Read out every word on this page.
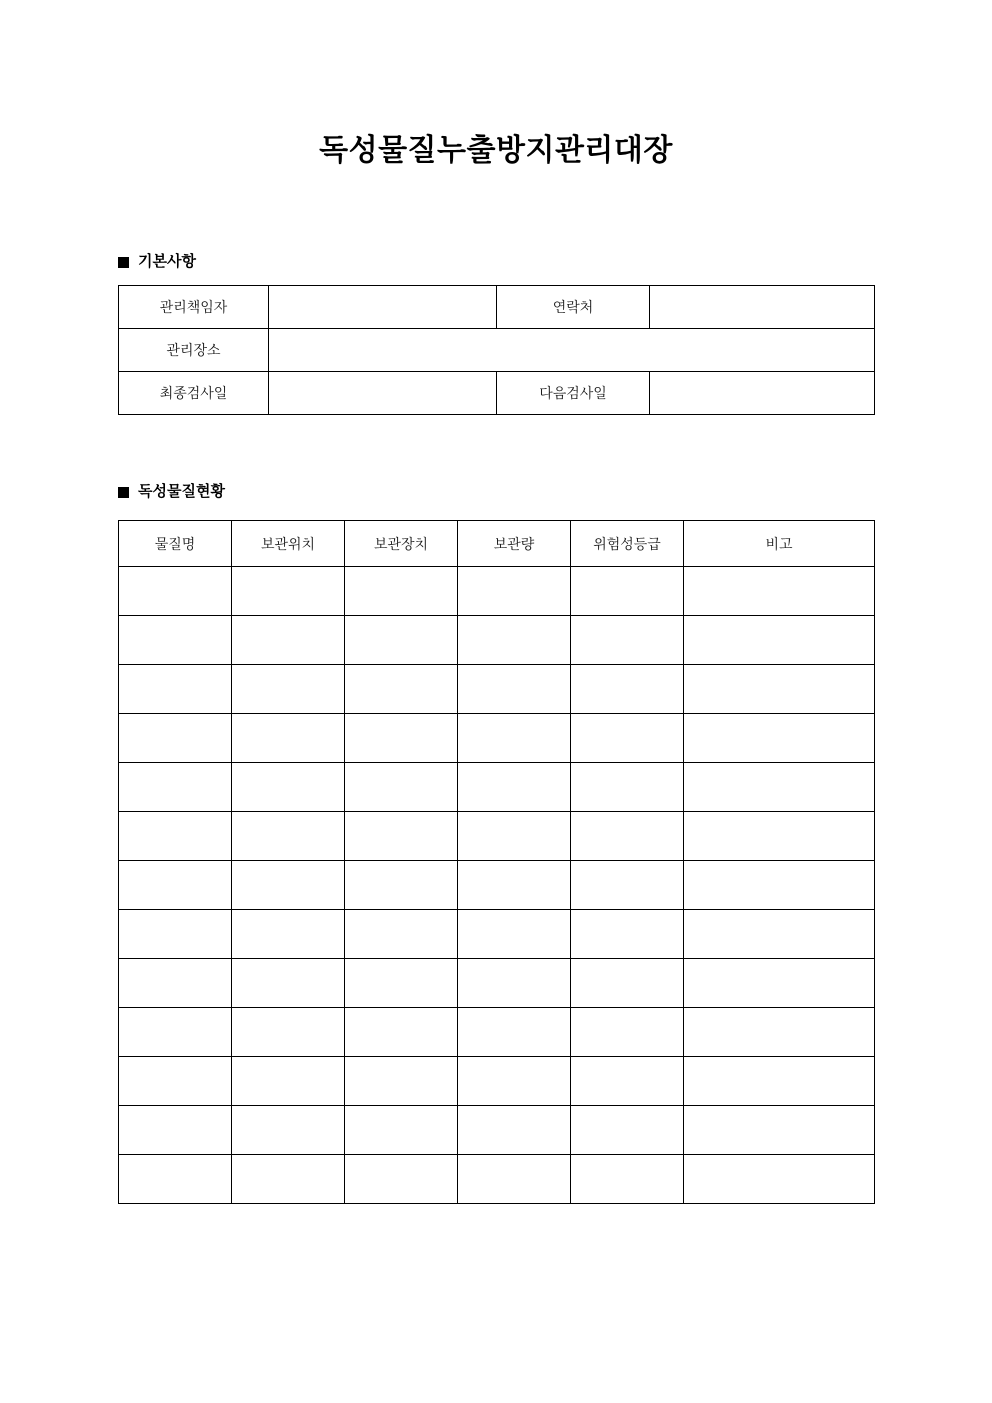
독성물질누출방지관리대장
기본사항
관리책임자		연락처	
관리장소			
최종검사일		다음검사일	
독성물질현황
물질명	보관위치	보관장치	보관량	위험성등급	비고
